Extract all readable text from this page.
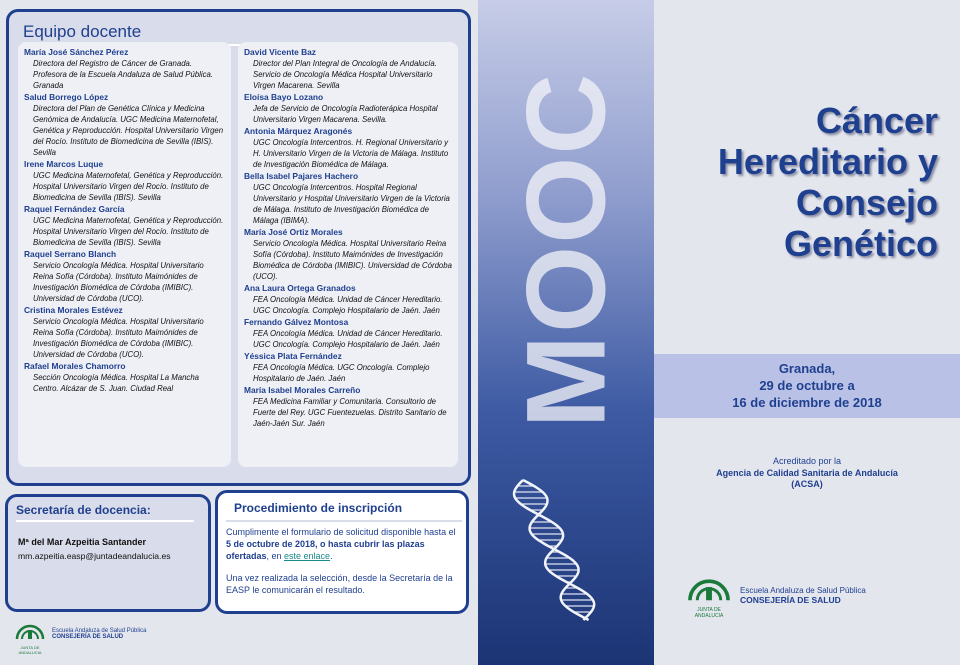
Equipo docente
María José Sánchez Pérez
Directora del Registro de Cáncer de Granada. Profesora de la Escuela Andaluza de Salud Pública. Granada
Salud Borrego López
Directora del Plan de Genética Clínica y Medicina Genómica de Andalucía. UGC Medicina Maternofetal, Genética y Reproducción. Hospital Universitario Virgen del Rocío. Instituto de Biomedicina de Sevilla (IBIS). Sevilla
Irene Marcos Luque
UGC Medicina Maternofetal, Genética y Reproducción. Hospital Universitario Virgen del Rocío. Instituto de Biomedicina de Sevilla (IBIS). Sevilla
Raquel Fernández García
UGC Medicina Maternofetal, Genética y Reproducción. Hospital Universitario Virgen del Rocío. Instituto de Biomedicina de Sevilla (IBIS). Sevilla
Raquel Serrano Blanch
Servicio Oncología Médica. Hospital Universitario Reina Sofía (Córdoba). Instituto Maimónides de Investigación Biomédica de Córdoba (IMIBIC). Universidad de Córdoba (UCO).
Cristina Morales Estévez
Servicio Oncología Médica. Hospital Universitario Reina Sofía (Córdoba). Instituto Maimónides de Investigación Biomédica de Córdoba (IMIBIC). Universidad de Córdoba (UCO).
Rafael Morales Chamorro
Sección Oncología Médica. Hospital La Mancha Centro. Alcázar de S. Juan. Ciudad Real
David Vicente Baz
Director del Plan Integral de Oncología de Andalucía. Servicio de Oncología Médica Hospital Universitario Virgen Macarena. Sevilla
Eloísa Bayo Lozano
Jefa de Servicio de Oncología Radioterápica Hospital Universitario Virgen Macarena. Sevilla.
Antonia Márquez Aragonés
UGC Oncología Intercentros. H. Regional Universitario y H. Universitario Virgen de la Victoria de Málaga. Instituto de Investigación Biomédica de Málaga.
Bella Isabel Pajares Hachero
UGC Oncología Intercentros. Hospital Regional Universitario y Hospital Universitario Virgen de la Victoria de Málaga. Instituto de Investigación Biomédica de Málaga (IBIMA).
María José Ortiz Morales
Servicio Oncología Médica. Hospital Universitario Reina Sofía (Córdoba). Instituto Maimónides de Investigación Biomédica de Córdoba (IMIBIC). Universidad de Córdoba (UCO).
Ana Laura Ortega Granados
FEA Oncología Médica. Unidad de Cáncer Hereditario. UGC Oncología. Complejo Hospitalario de Jaén. Jaén
Fernando Gálvez Montosa
FEA Oncología Médica. Unidad de Cáncer Hereditario. UGC Oncología. Complejo Hospitalario de Jaén. Jaén
Yéssica Plata Fernández
FEA Oncología Médica. UGC Oncología. Complejo Hospitalario de Jaén. Jaén
María Isabel Morales Carreño
FEA Medicina Familiar y Comunitaria. Consultorio de Fuerte del Rey. UGC Fuentezuelas. Distrito Sanitario de Jaén-Jaén Sur. Jaén
Secretaría de docencia:
Mª del Mar Azpeitia Santander
mm.azpeitia.easp@juntadeandalucia.es
Procedimiento de inscripción
Cumplimente el formulario de solicitud disponible hasta el 5 de octubre de 2018, o hasta cubrir las plazas ofertadas, en este enlace.
Una vez realizada la selección, desde la Secretaría de la EASP le comunicarán el resultado.
JUNTA DE ANDALUCIA
Escuela Andaluza de Salud Pública
CONSEJERÍA DE SALUD
MOOC	Cáncer
Hereditario y
Consejo Genético
Granada,
29 de octubre a
16 de diciembre de 2018
Acreditado por la
Agencia de Calidad Sanitaria de Andalucía
(ACSA)
JUNTA DE ANDALUCIA
Escuela Andaluza de Salud Pública
CONSEJERÍA DE SALUD
